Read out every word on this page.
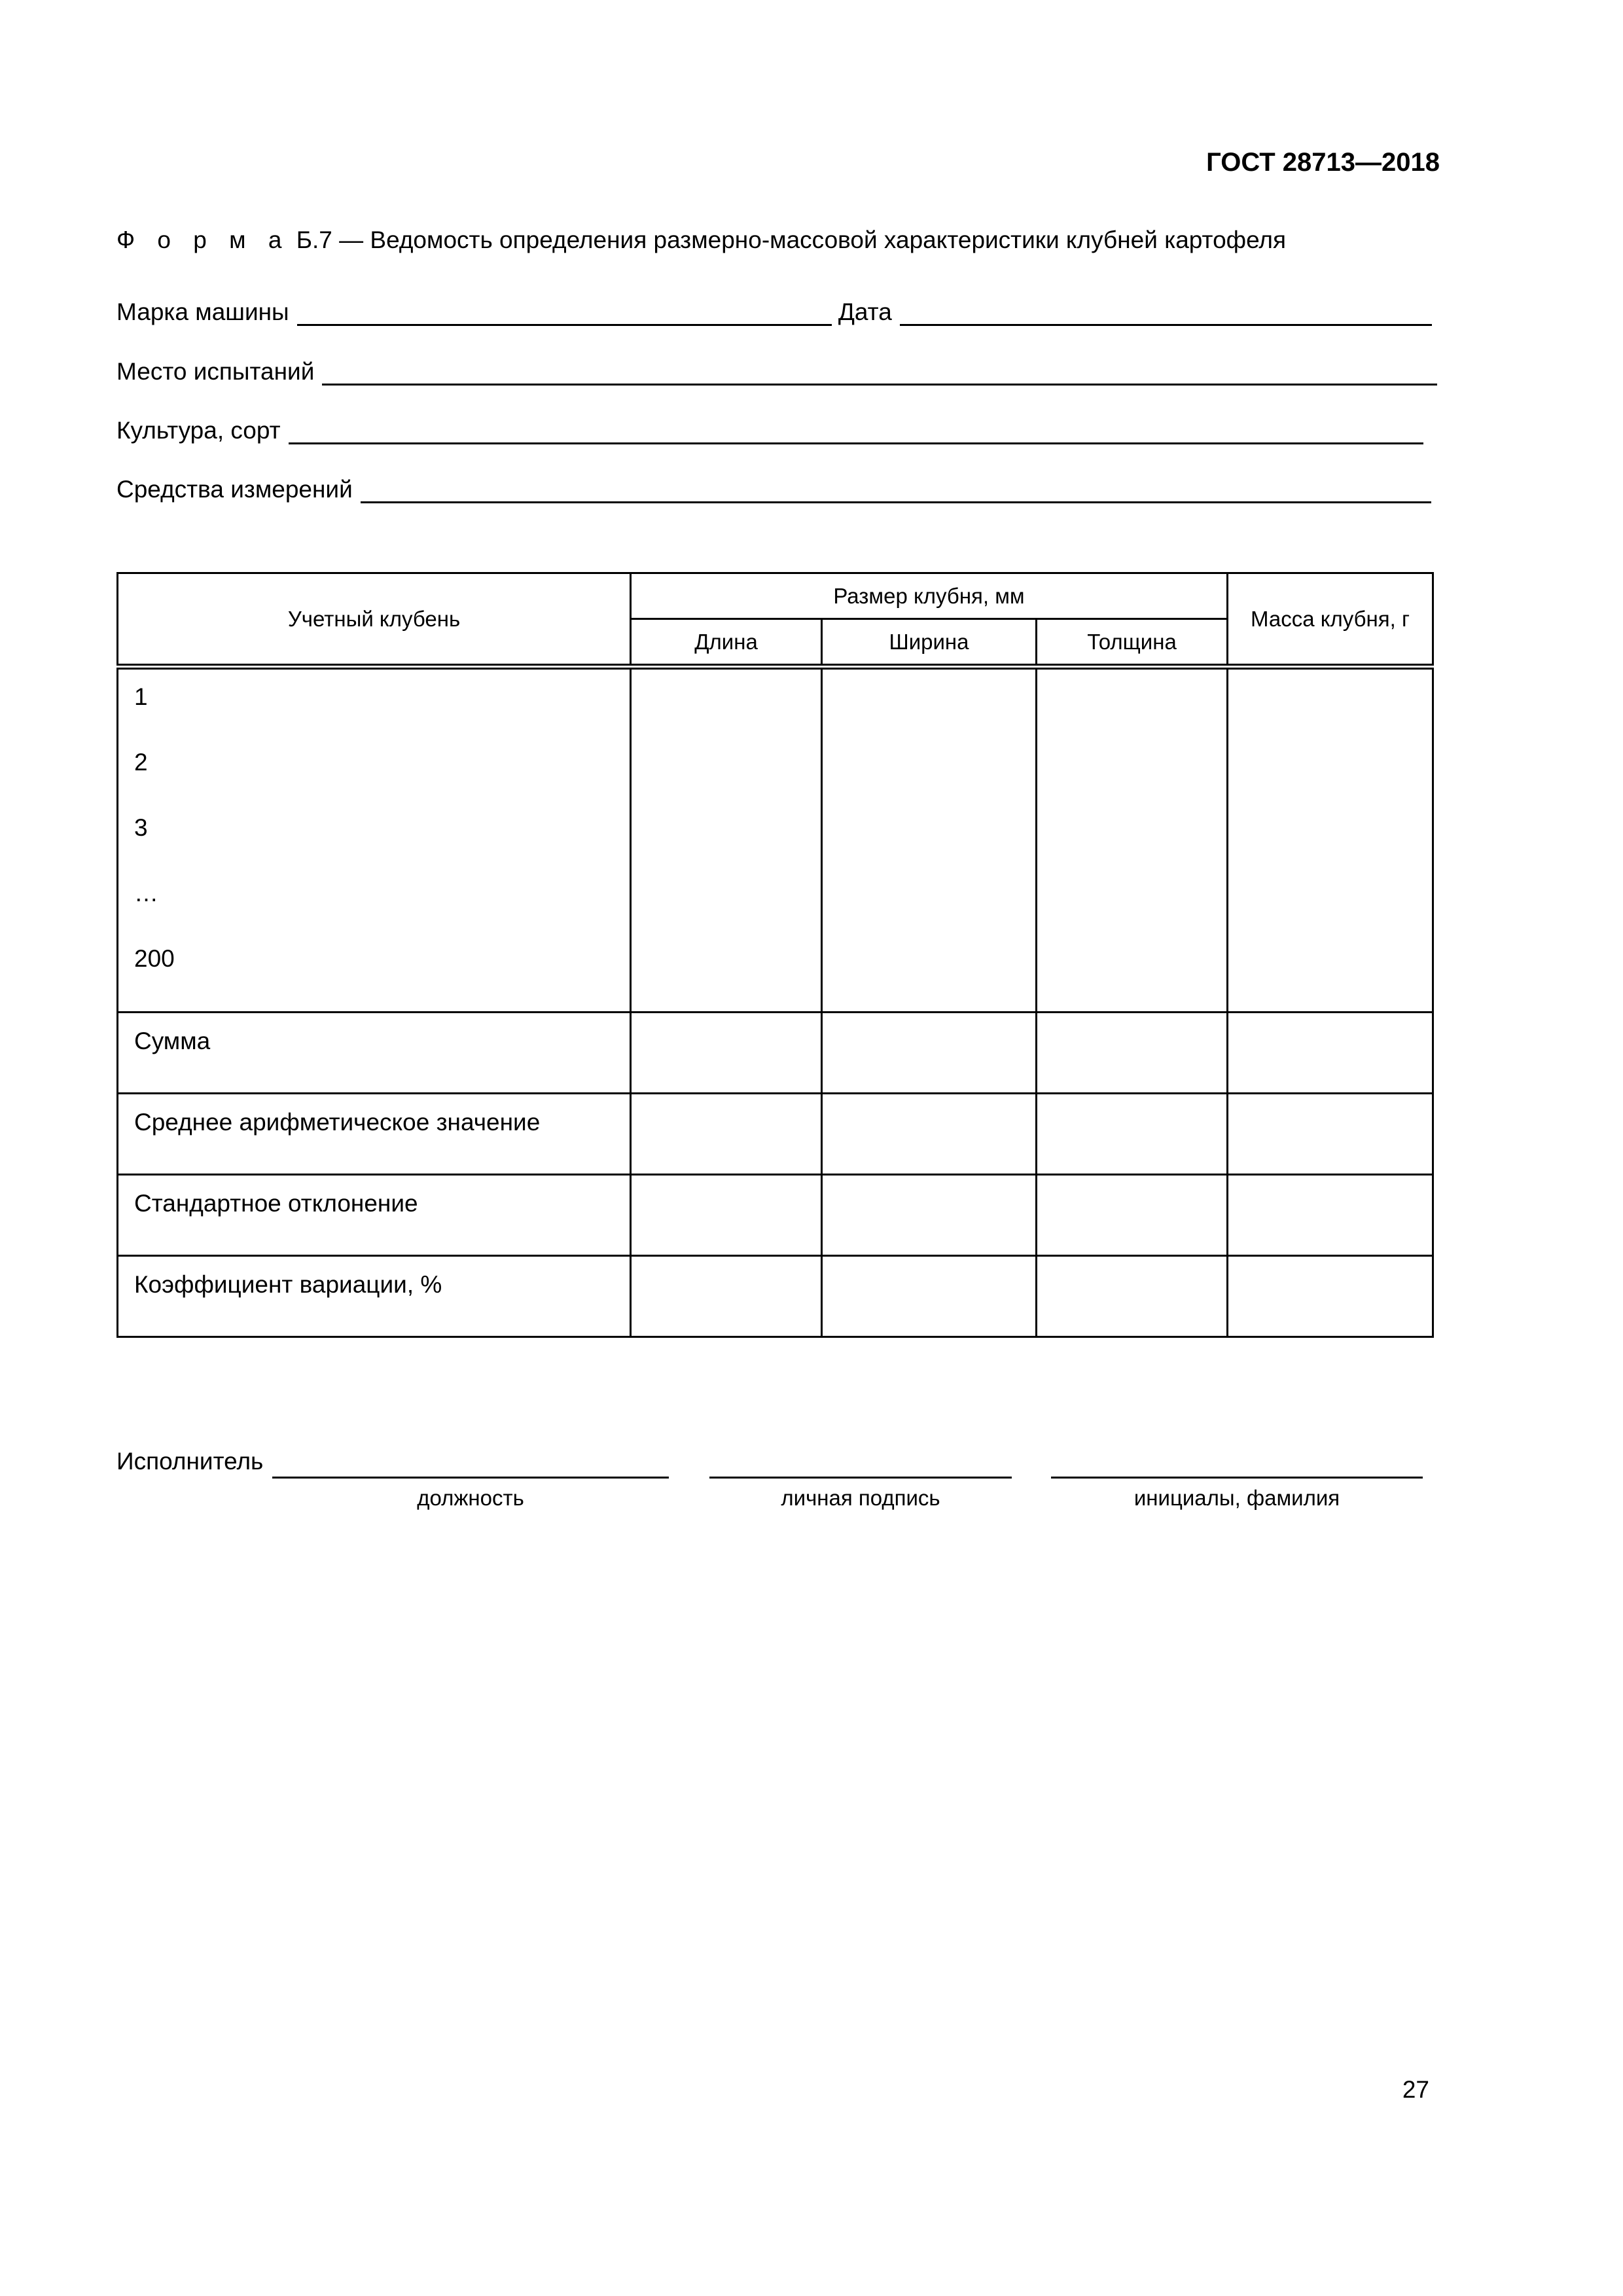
ГОСТ 28713—2018
Ф о р м а Б.7 — Ведомость определения размерно-массовой характеристики клубней картофеля
Марка машины	Дата
Место испытаний
Культура, сорт
Средства измерений
Учетный клубень	Размер клубня, мм			Масса клубня, г
	Длина	Ширина	Толщина	

1
2
3
…
200				

Сумма				

Среднее арифметическое значение				

Стандартное отклонение				

Коэффициент вариации, %				

Исполнитель
должность	личная подпись	инициалы, фамилия
27
